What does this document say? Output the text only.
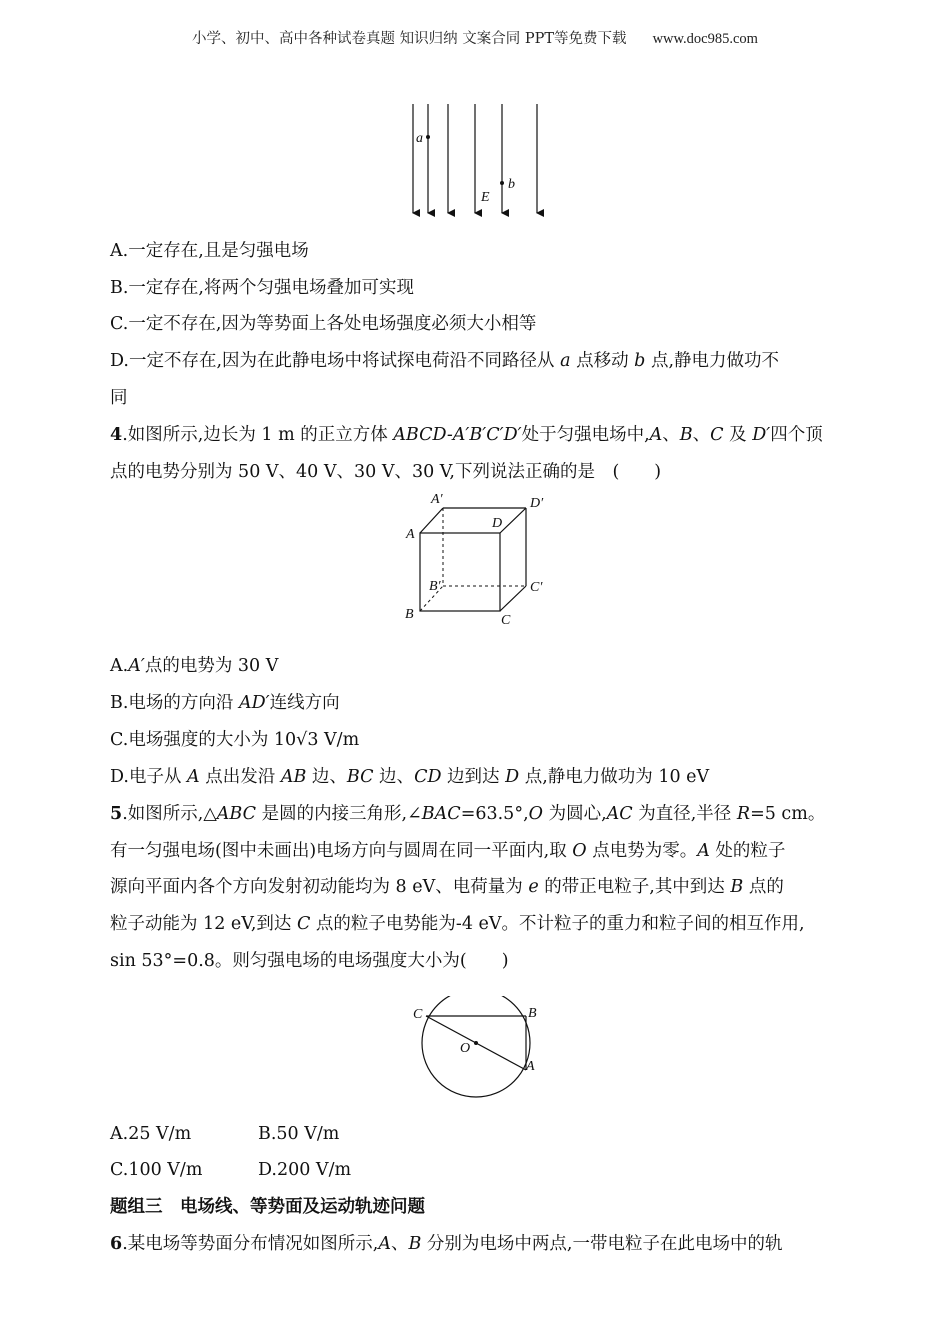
小学、初中、高中各种试卷真题 知识归纳 文案合同 PPT等免费下载 www.doc985.com
a
b
E
A.一定存在,且是匀强电场
B.一定存在,将两个匀强电场叠加可实现
C.一定不存在,因为等势面上各处电场强度必须大小相等
D.一定不存在,因为在此静电场中将试探电荷沿不同路径从 a 点移动 b 点,静电力做功不
同
4.如图所示,边长为 1 m 的正立方体 ABCD-A′B′C′D′处于匀强电场中,A、B、C 及 D′四个顶
点的电势分别为 50 V、40 V、30 V、30 V,下列说法正确的是　(　　)
A′	D′
D
A
B′	C′
B	C
A.A′点的电势为 30 V
B.电场的方向沿 AD′连线方向
C.电场强度的大小为 10√3 V/m
D.电子从 A 点出发沿 AB 边、BC 边、CD 边到达 D 点,静电力做功为 10 eV
5.如图所示,△ABC 是圆的内接三角形,∠BAC=63.5°,O 为圆心,AC 为直径,半径 R=5 cm。
有一匀强电场(图中未画出)电场方向与圆周在同一平面内,取 O 点电势为零。A 处的粒子
源向平面内各个方向发射初动能均为 8 eV、电荷量为 e 的带正电粒子,其中到达 B 点的
粒子动能为 12 eV,到达 C 点的粒子电势能为-4 eV。不计粒子的重力和粒子间的相互作用,
sin 53°=0.8。则匀强电场的电场强度大小为(　　)
C	B
O
A
A.25 V/m	B.50 V/m
C.100 V/m	D.200 V/m
题组三　电场线、等势面及运动轨迹问题
6.某电场等势面分布情况如图所示,A、B 分别为电场中两点,一带电粒子在此电场中的轨
